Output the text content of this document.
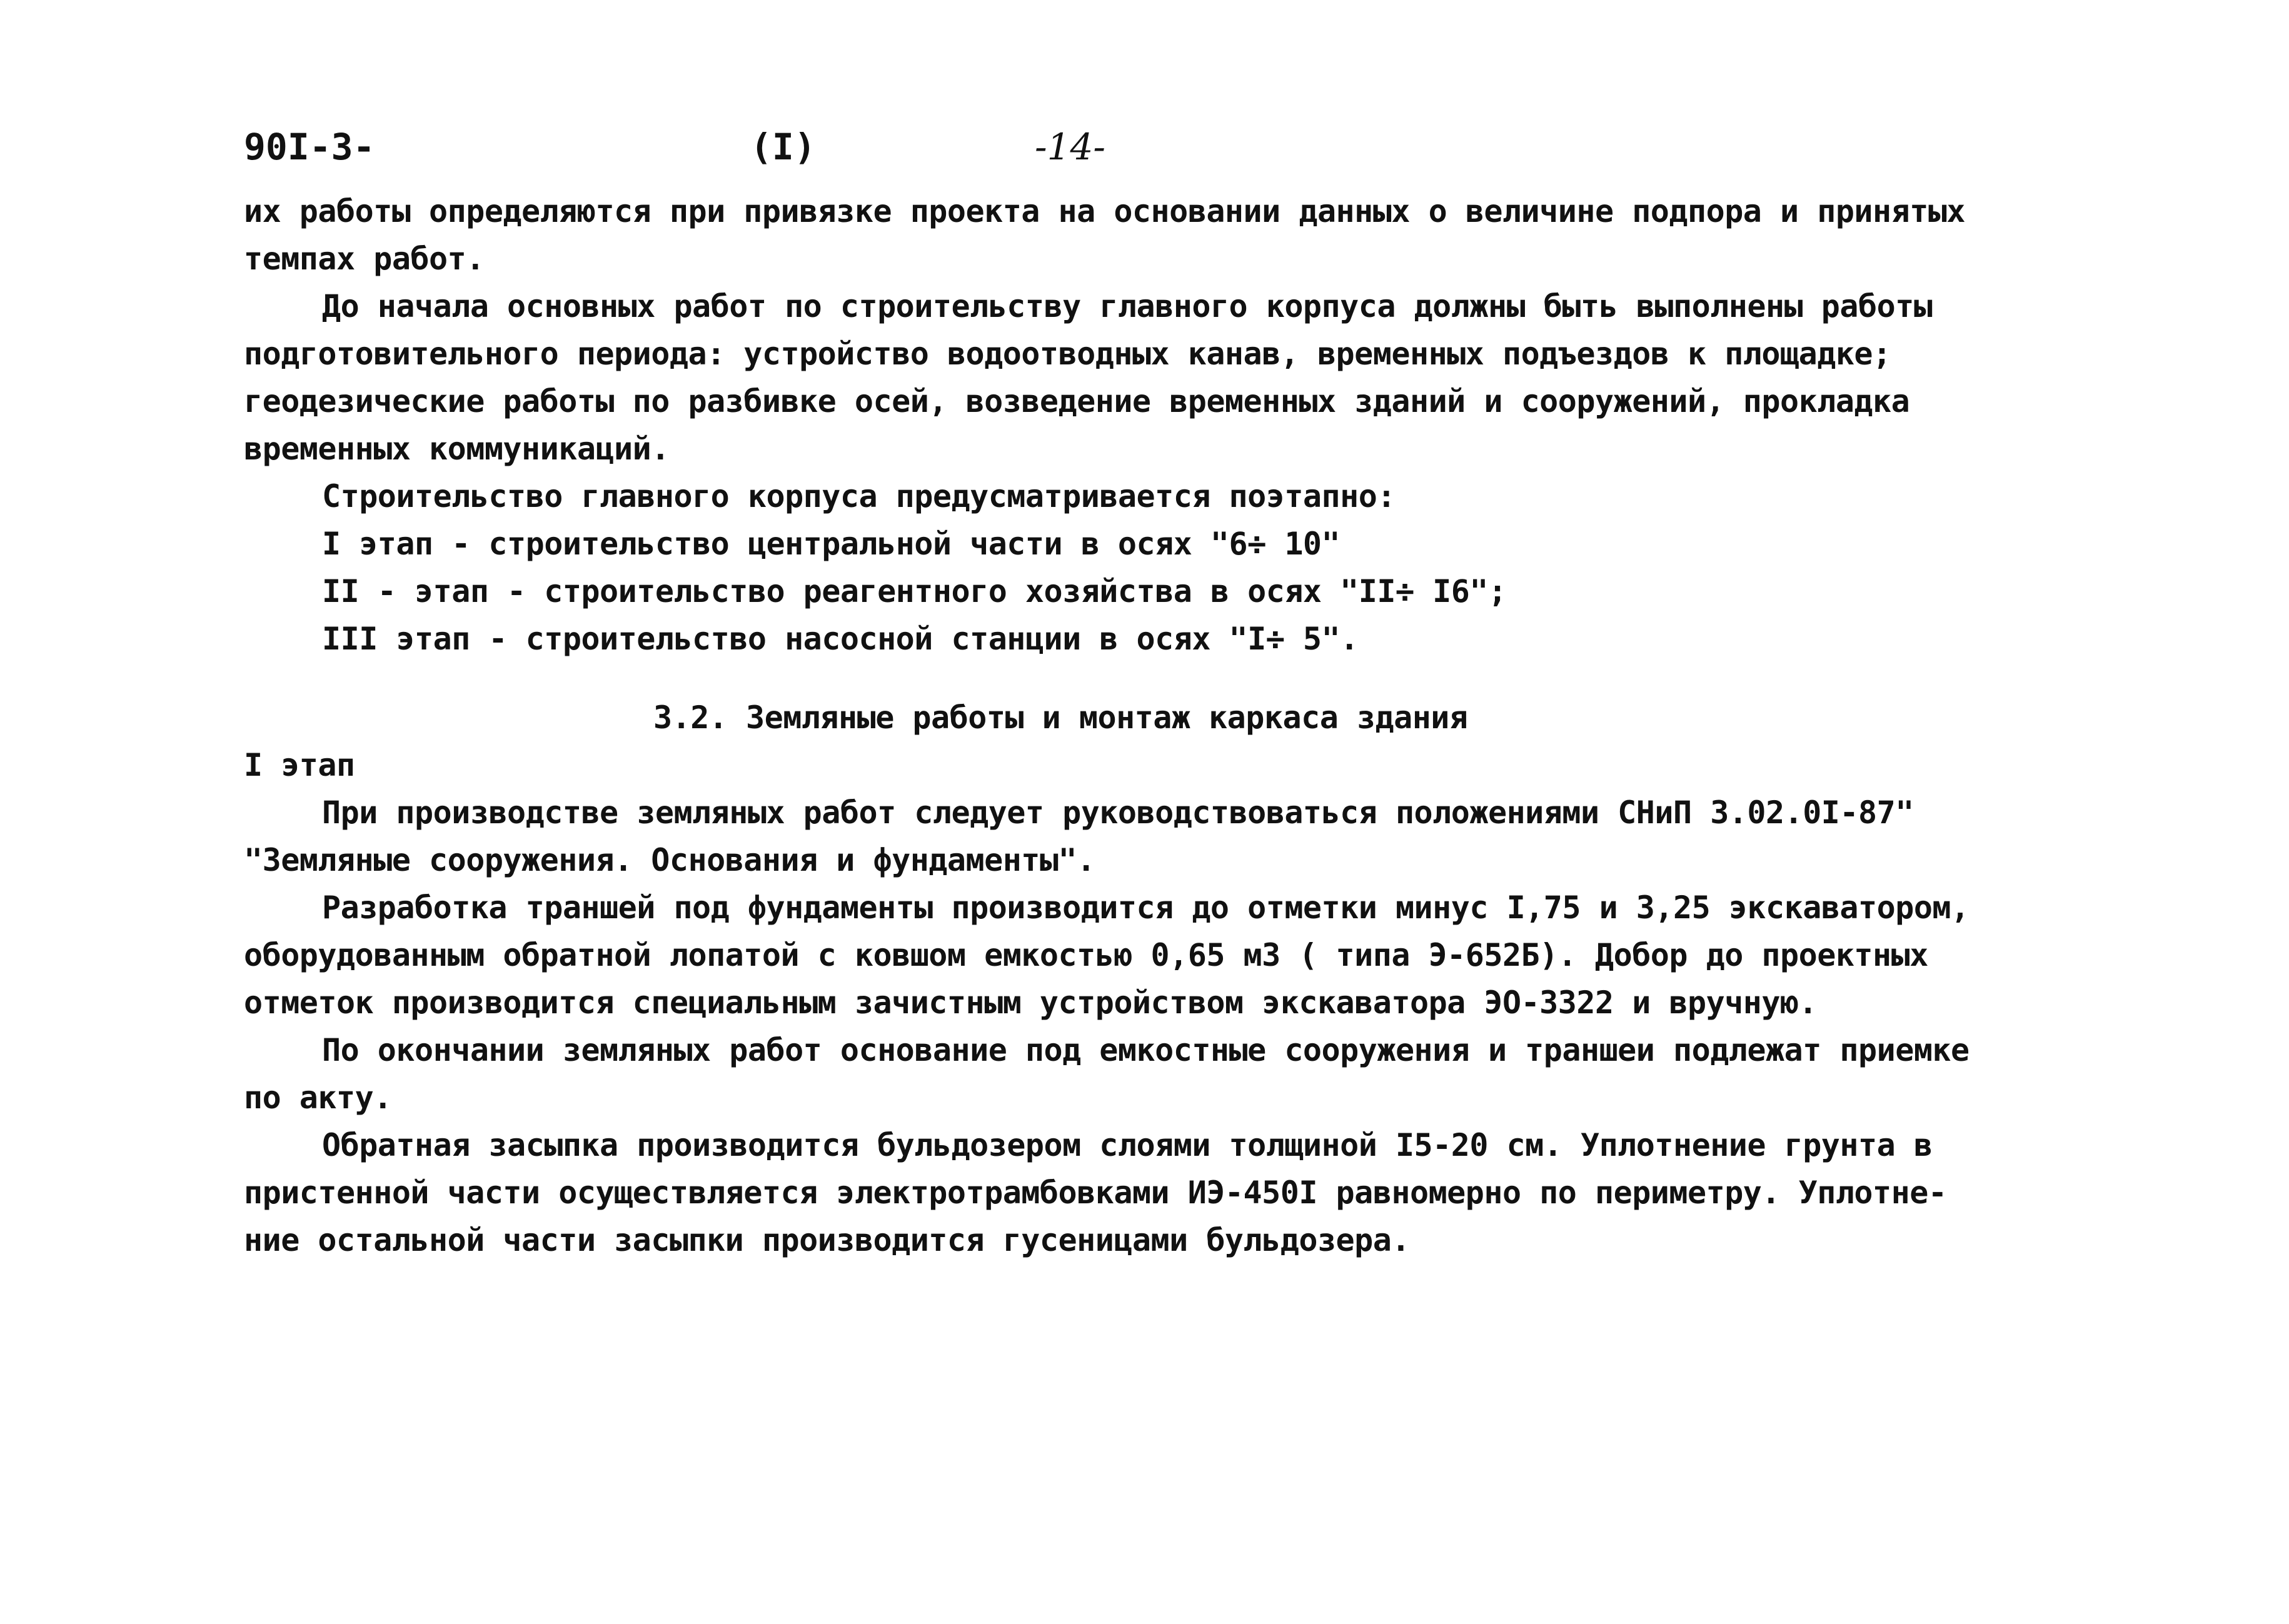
90I-3-	(I)	-14-

их работы определяются при привязке проекта на основании данных о величине подпора и принятых

темпах работ.

До начала основных работ по строительству главного корпуса должны быть выполнены работы

подготовительного периода: устройство водоотводных канав, временных подъездов к площадке;

геодезические работы по разбивке осей, возведение временных зданий и сооружений, прокладка

временных коммуникаций.

Строительство главного корпуса предусматривается поэтапно:

I этап - строительство центральной части в осях "6÷ 10"

II - этап - строительство реагентного хозяйства в осях "II÷ I6";

III этап - строительство насосной станции в осях "I÷ 5".

3.2. Земляные работы и монтаж каркаса здания

I этап

При производстве земляных работ следует руководствоваться положениями СНиП 3.02.0I-87"

"Земляные сооружения. Основания и фундаменты".

Разработка траншей под фундаменты производится до отметки минус I,75 и 3,25 экскаватором,

оборудованным обратной лопатой с ковшом емкостью 0,65 м3 ( типа Э-652Б). Добор до проектных

отметок производится специальным зачистным устройством экскаватора ЭО-3322 и вручную.

По окончании земляных работ основание под емкостные сооружения и траншеи подлежат приемке

по акту.

Обратная засыпка производится бульдозером слоями толщиной I5-20 см. Уплотнение грунта в

пристенной части осуществляется электротрамбовками ИЭ-450I равномерно по периметру. Уплотне-

ние остальной части засыпки производится гусеницами бульдозера.
